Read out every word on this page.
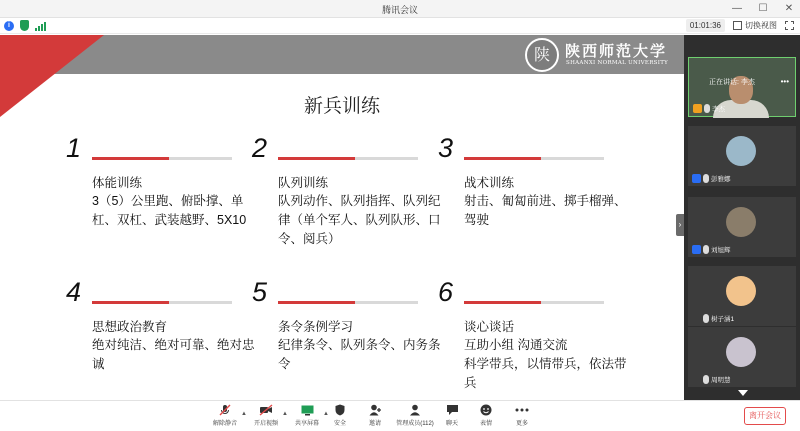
腾讯会议	— ☐ ✕
i	01:01:36	切换视图
陕	陕西师范大学
SHAANXI NORMAL UNIVERSITY
新兵训练
1
体能训练
3（5）公里跑、俯卧撑、单杠、双杠、武装越野、5X10
2
队列训练
队列动作、队列指挥、队列纪律（单个军人、队列队形、口令、阅兵）
3
战术训练
射击、匍匐前进、掷手榴弹、驾驶
4
思想政治教育
绝对纯洁、绝对可靠、绝对忠诚
5
条令条例学习
纪律条令、队列条令、内务条令
6
谈心谈话
互助小组 沟通交流
科学带兵，以情带兵，依法带兵
›
正在讲话: 李杰	•••
李杰
彭雅娜
刘旭辉
树子涵1
周明慧
解除静音
▲
开启视频
▲
共享屏幕
▲
安全	邀请	管理成员(112)	聊天	表情	更多
离开会议
